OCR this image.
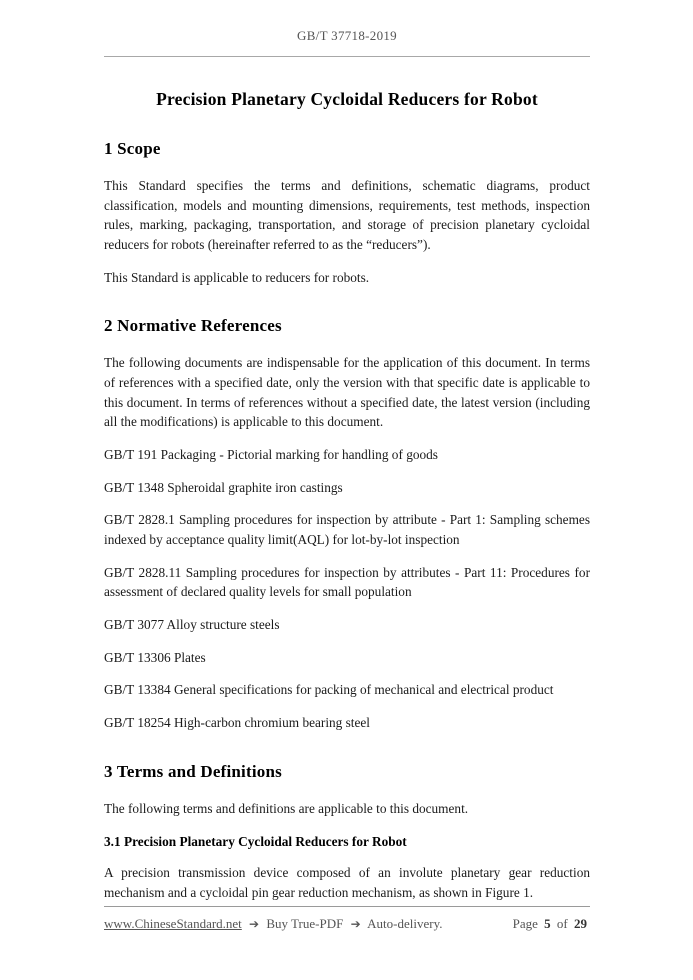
GB/T 37718-2019
Precision Planetary Cycloidal Reducers for Robot
1 Scope

This Standard specifies the terms and definitions, schematic diagrams, product classification, models and mounting dimensions, requirements, test methods, inspection rules, marking, packaging, transportation, and storage of precision planetary cycloidal reducers for robots (hereinafter referred to as the “reducers”).

This Standard is applicable to reducers for robots.

2 Normative References

The following documents are indispensable for the application of this document. In terms of references with a specified date, only the version with that specific date is applicable to this document. In terms of references without a specified date, the latest version (including all the modifications) is applicable to this document.

GB/T 191 Packaging - Pictorial marking for handling of goods

GB/T 1348 Spheroidal graphite iron castings

GB/T 2828.1 Sampling procedures for inspection by attribute - Part 1: Sampling schemes indexed by acceptance quality limit(AQL) for lot-by-lot inspection

GB/T 2828.11 Sampling procedures for inspection by attributes - Part 11: Procedures for assessment of declared quality levels for small population

GB/T 3077 Alloy structure steels

GB/T 13306 Plates

GB/T 13384 General specifications for packing of mechanical and electrical product

GB/T 18254 High-carbon chromium bearing steel

3 Terms and Definitions

The following terms and definitions are applicable to this document.

3.1 Precision Planetary Cycloidal Reducers for Robot

A precision transmission device composed of an involute planetary gear reduction mechanism and a cycloidal pin gear reduction mechanism, as shown in Figure 1.

www.ChineseStandard.net ➔ Buy True-PDF ➔ Auto-delivery.	Page 5 of 29
